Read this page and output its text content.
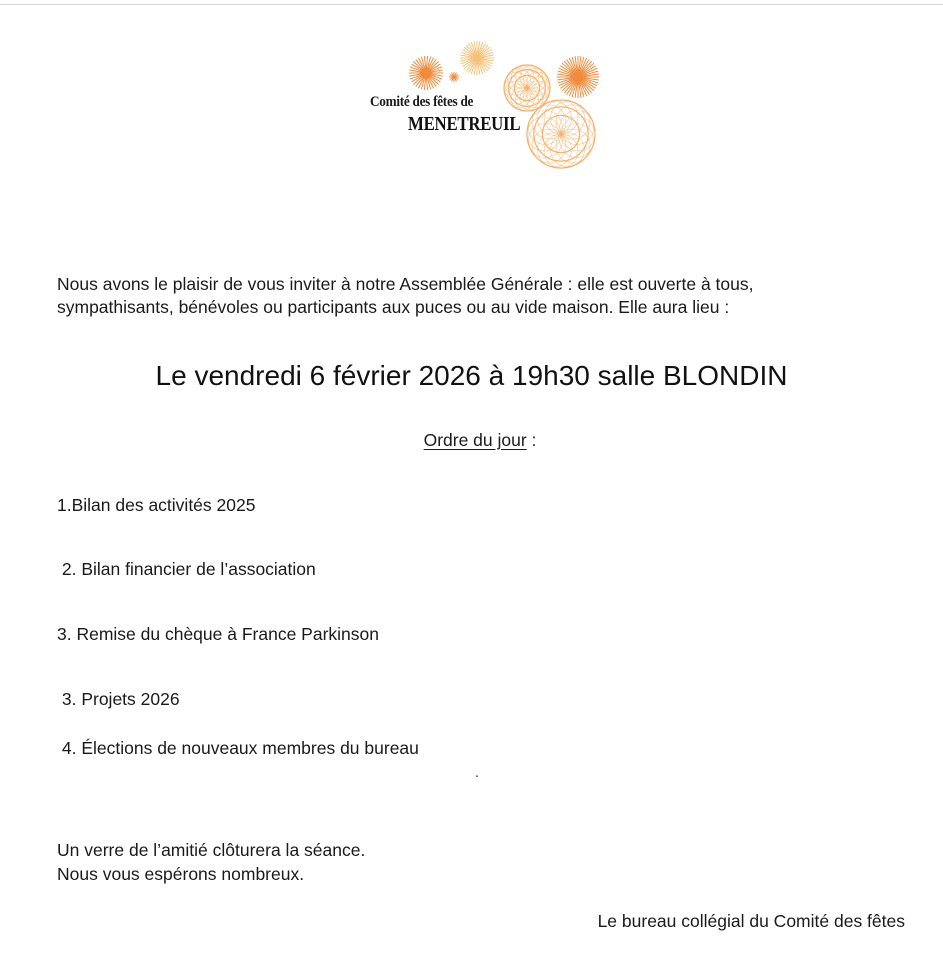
Comité des fêtes de
MENETREUIL

Nous avons le plaisir de vous inviter à notre Assemblée Générale : elle est ouverte à tous,
sympathisants, bénévoles ou participants aux puces ou au vide maison. Elle aura lieu :

Le vendredi 6 février 2026 à 19h30 salle BLONDIN
Ordre du jour :
1.Bilan des activités 2025
2. Bilan financier de l’association
3. Remise du chèque à France Parkinson
3. Projets 2026
4. Élections de nouveaux membres du bureau
.
Un verre de l’amitié clôturera la séance.
Nous vous espérons nombreux.
Le bureau collégial du Comité des fêtes
